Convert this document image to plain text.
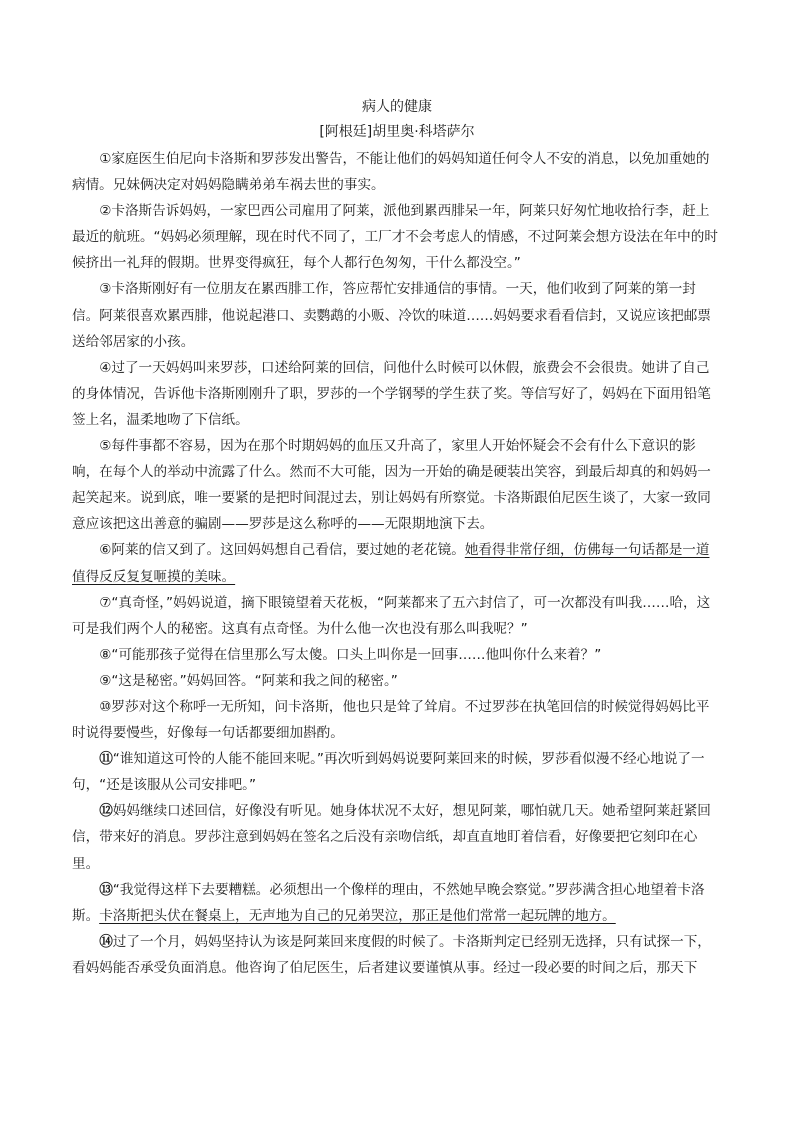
病人的健康
[阿根廷]胡里奥·科塔萨尔

①家庭医生伯尼向卡洛斯和罗莎发出警告，不能让他们的妈妈知道任何令人不安的消息，以免加重她的病情。兄妹俩决定对妈妈隐瞒弟弟车祸去世的事实。

②卡洛斯告诉妈妈，一家巴西公司雇用了阿莱，派他到累西腓呆一年，阿莱只好匆忙地收拾行李，赶上最近的航班。“妈妈必须理解，现在时代不同了，工厂才不会考虑人的情感，不过阿莱会想方设法在年中的时候挤出一礼拜的假期。世界变得疯狂，每个人都行色匆匆，干什么都没空。”

③卡洛斯刚好有一位朋友在累西腓工作，答应帮忙安排通信的事情。一天，他们收到了阿莱的第一封信。阿莱很喜欢累西腓，他说起港口、卖鹦鹉的小贩、冷饮的味道……妈妈要求看看信封，又说应该把邮票送给邻居家的小孩。

④过了一天妈妈叫来罗莎，口述给阿莱的回信，问他什么时候可以休假，旅费会不会很贵。她讲了自己的身体情况，告诉他卡洛斯刚刚升了职，罗莎的一个学钢琴的学生获了奖。等信写好了，妈妈在下面用铅笔签上名，温柔地吻了下信纸。

⑤每件事都不容易，因为在那个时期妈妈的血压又升高了，家里人开始怀疑会不会有什么下意识的影响，在每个人的举动中流露了什么。然而不大可能，因为一开始的确是硬装出笑容，到最后却真的和妈妈一起笑起来。说到底，唯一要紧的是把时间混过去，别让妈妈有所察觉。卡洛斯跟伯尼医生谈了，大家一致同意应该把这出善意的骗剧——罗莎是这么称呼的——无限期地演下去。

⑥阿莱的信又到了。这回妈妈想自己看信，要过她的老花镜。她看得非常仔细，仿佛每一句话都是一道值得反反复复咂摸的美味。

⑦“真奇怪，”妈妈说道，摘下眼镜望着天花板，“阿莱都来了五六封信了，可一次都没有叫我……哈，这可是我们两个人的秘密。这真有点奇怪。为什么他一次也没有那么叫我呢？”

⑧“可能那孩子觉得在信里那么写太傻。口头上叫你是一回事……他叫你什么来着？”

⑨“这是秘密。”妈妈回答。“阿莱和我之间的秘密。”

⑩罗莎对这个称呼一无所知，问卡洛斯，他也只是耸了耸肩。不过罗莎在执笔回信的时候觉得妈妈比平时说得要慢些，好像每一句话都要细加斟酌。

⑪“谁知道这可怜的人能不能回来呢。”再次听到妈妈说要阿莱回来的时候，罗莎看似漫不经心地说了一句，“还是该服从公司安排吧。”

⑫妈妈继续口述回信，好像没有听见。她身体状况不太好，想见阿莱，哪怕就几天。她希望阿莱赶紧回信，带来好的消息。罗莎注意到妈妈在签名之后没有亲吻信纸，却直直地盯着信看，好像要把它刻印在心里。

⑬“我觉得这样下去要糟糕。必须想出一个像样的理由，不然她早晚会察觉。”罗莎满含担心地望着卡洛斯。卡洛斯把头伏在餐桌上，无声地为自己的兄弟哭泣，那正是他们常常一起玩牌的地方。

⑭过了一个月，妈妈坚持认为该是阿莱回来度假的时候了。卡洛斯判定已经别无选择，只有试探一下，看妈妈能否承受负面消息。他咨询了伯尼医生，后者建议要谨慎从事。经过一段必要的时间之后，那天下
